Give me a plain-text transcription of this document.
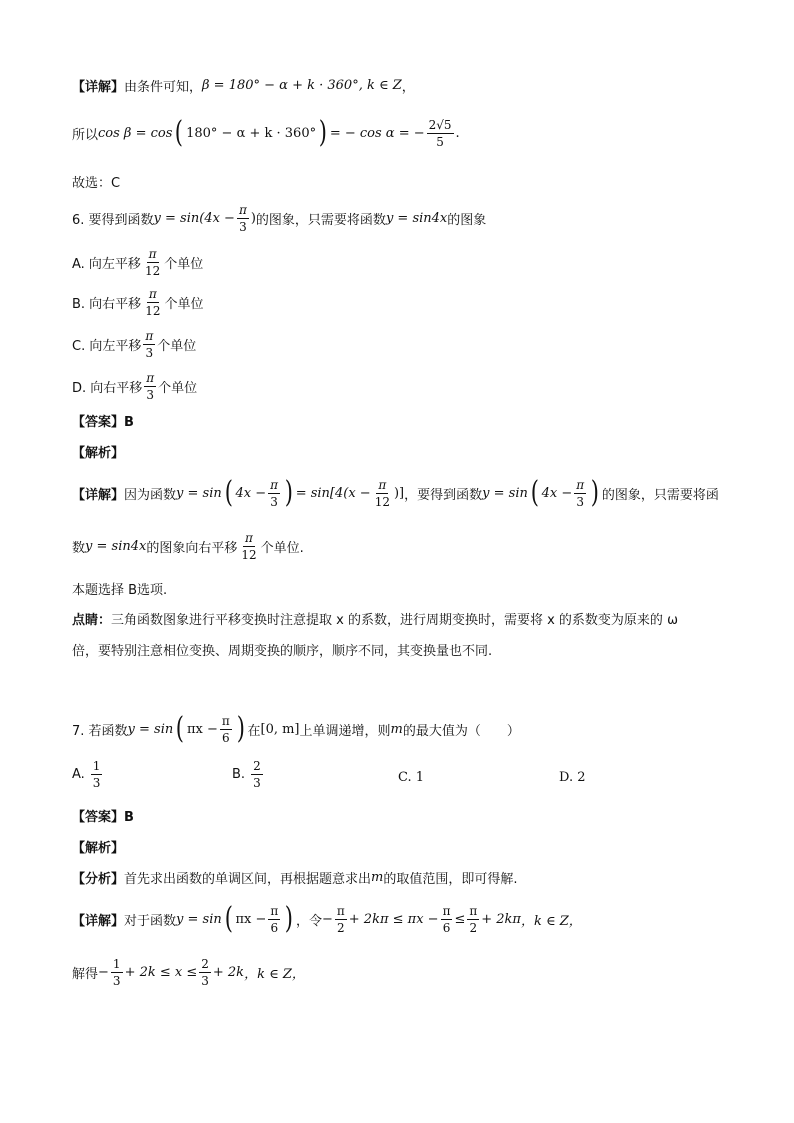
【详解】 由条件可知， β = 180° − α + k · 360°, k ∈ Z ，
所以 cos β = cos ( 180° − α + k · 360° ) = − cos α = − $\frac{2√5}{5}$ .
故选：C
6. 要得到函数 $y = \sin(4x - \frac{\pi}{3}$ ) 的图象，只需要将函数 y = sin4x 的图象
A. 向左平移 $\frac{\pi}{12}$ 个单位
B. 向右平移 $\frac{\pi}{12}$ 个单位
C. 向左平移 $\frac{\pi}{3}$ 个单位
D. 向右平移 $\frac{\pi}{3}$ 个单位
【答案】B
【解析】
【详解】 因为函数 y = sin ( $4x - \frac{\pi}{3}$ ) = $\sin[4(x - \frac{\pi}{12}$ )] ，要得到函数 y = sin ( $4x - \frac{\pi}{3}$ ) 的图象，只需要将函
数 y = sin4x 的图象向右平移 $\frac{\pi}{12}$ 个单位.
本题选择 B选项.
点睛： 三角函数图象进行平移变换时注意提取 x 的系数，进行周期变换时，需要将 x 的系数变为原来的 ω
倍，要特别注意相位变换、周期变换的顺序，顺序不同，其变换量也不同.
7. 若函数 y = sin ( $\pi x - \frac{\pi}{6}$ ) 在 [0, m] 上单调递增，则 m 的最大值为（　　）
A. $\frac{1}{3}$	B. $\frac{2}{3}$	C. 1	D. 2
【答案】B
【解析】
【分析】 首先求出函数的单调区间，再根据题意求出 m 的取值范围，即可得解.
【详解】 对于函数 y = sin ( $\pi x - \frac{\pi}{6}$ ) ，令 − $\frac{\pi}{2} + 2k\pi \le \pi x - \frac{\pi}{6} \le \frac{\pi}{2} + 2k\pi$ ，k ∈ Z，
解得 − $\frac{1}{3} + 2k \le x \le \frac{2}{3} + 2k$ ，k ∈ Z，
